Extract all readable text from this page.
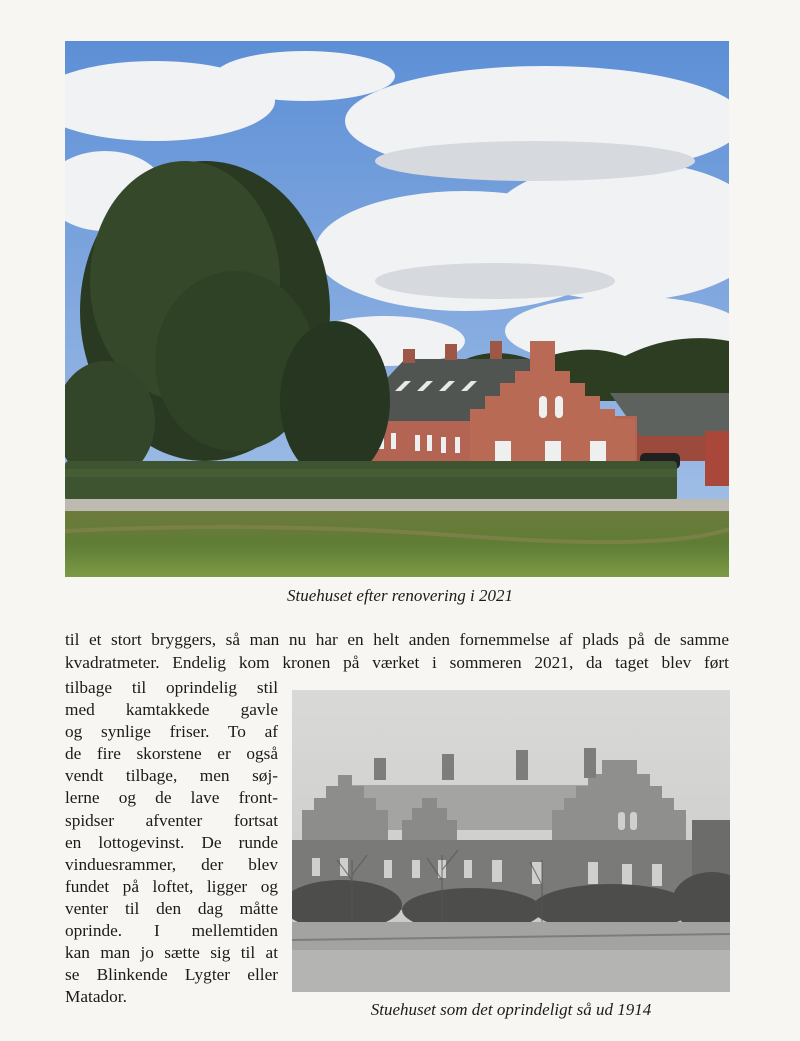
Stuehuset efter renovering i 2021
til et stort bryggers, så man nu har en helt anden fornemmelse af plads på de samme
kvadratmeter. Endelig kom kronen på værket i sommeren 2021, da taget blev ført
tilbage til oprindelig stil
med kamtakkede gavle
og synlige friser. To af
de fire skorstene er også
vendt tilbage, men søj-
lerne og de lave front-
spidser afventer fortsat
en lottogevinst. De runde
vinduesrammer, der blev
fundet på loftet, ligger og
venter til den dag måtte
oprinde. I mellemtiden
kan man jo sætte sig til at
se Blinkende Lygter eller
Matador.
Stuehuset som det oprindeligt så ud 1914
